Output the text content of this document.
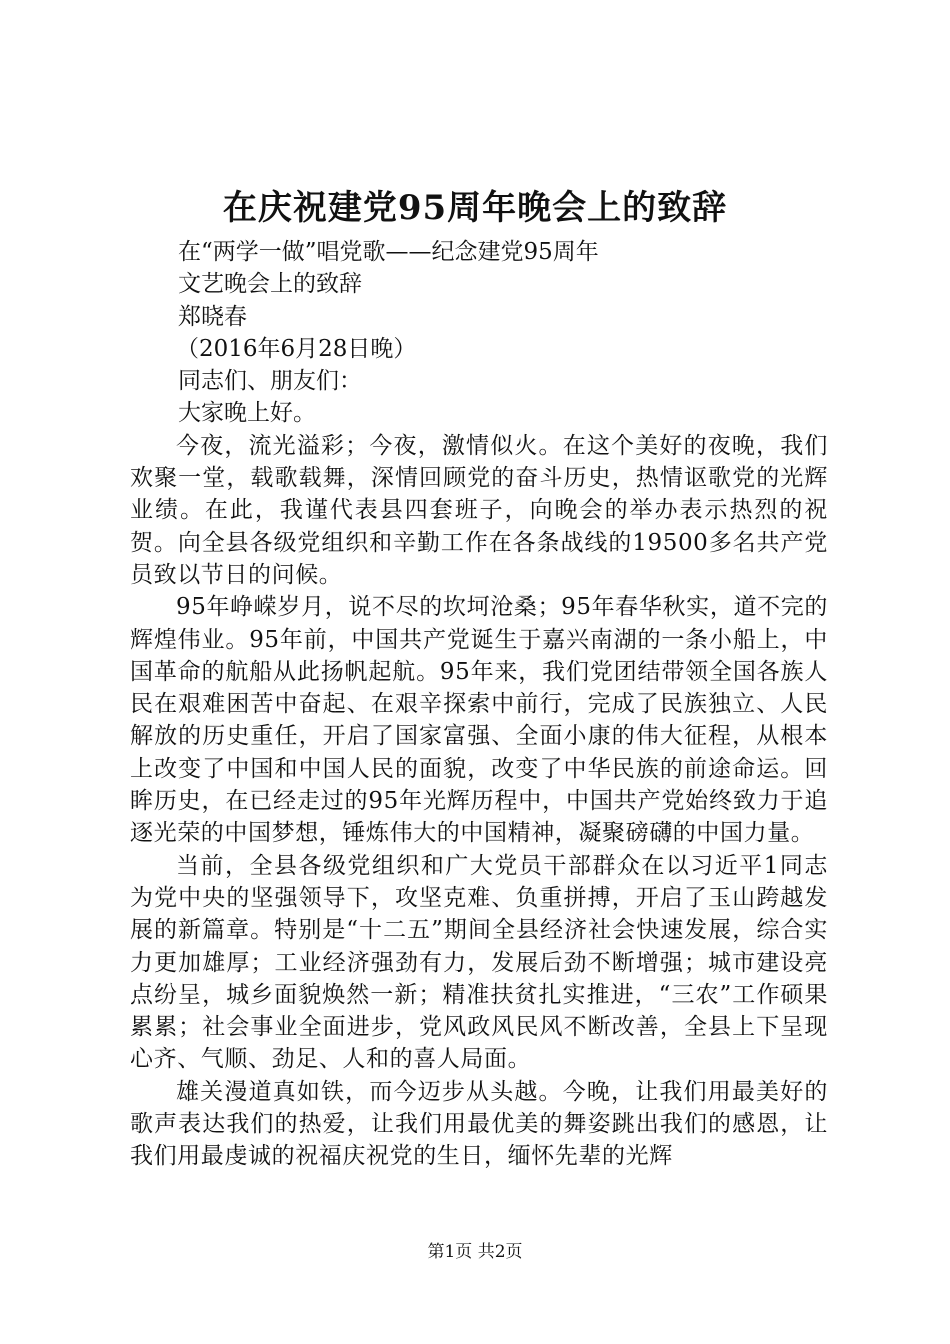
在庆祝建党95周年晚会上的致辞

在“两学一做”唱党歌——纪念建党95周年

文艺晚会上的致辞

郑晓春

（2016年6月28日晚）

同志们、朋友们：

大家晚上好。

今夜，流光溢彩；今夜，激情似火。在这个美好的夜晚，我们欢聚一堂，载歌载舞，深情回顾党的奋斗历史，热情讴歌党的光辉业绩。在此，我谨代表县四套班子，向晚会的举办表示热烈的祝贺。向全县各级党组织和辛勤工作在各条战线的19500多名共产党员致以节日的问候。

95年峥嵘岁月，说不尽的坎坷沧桑；95年春华秋实，道不完的辉煌伟业。95年前，中国共产党诞生于嘉兴南湖的一条小船上，中国革命的航船从此扬帆起航。95年来，我们党团结带领全国各族人民在艰难困苦中奋起、在艰辛探索中前行，完成了民族独立、人民解放的历史重任，开启了国家富强、全面小康的伟大征程，从根本上改变了中国和中国人民的面貌，改变了中华民族的前途命运。回眸历史，在已经走过的95年光辉历程中，中国共产党始终致力于追逐光荣的中国梦想，锤炼伟大的中国精神，凝聚磅礴的中国力量。

当前，全县各级党组织和广大党员干部群众在以习近平1同志为党中央的坚强领导下，攻坚克难、负重拼搏，开启了玉山跨越发展的新篇章。特别是“十二五”期间全县经济社会快速发展，综合实力更加雄厚；工业经济强劲有力，发展后劲不断增强；城市建设亮点纷呈，城乡面貌焕然一新；精准扶贫扎实推进，“三农”工作硕果累累；社会事业全面进步，党风政风民风不断改善，全县上下呈现心齐、气顺、劲足、人和的喜人局面。

雄关漫道真如铁，而今迈步从头越。今晚，让我们用最美好的歌声表达我们的热爱，让我们用最优美的舞姿跳出我们的感恩，让我们用最虔诚的祝福庆祝党的生日，缅怀先辈的光辉

第1页 共2页
